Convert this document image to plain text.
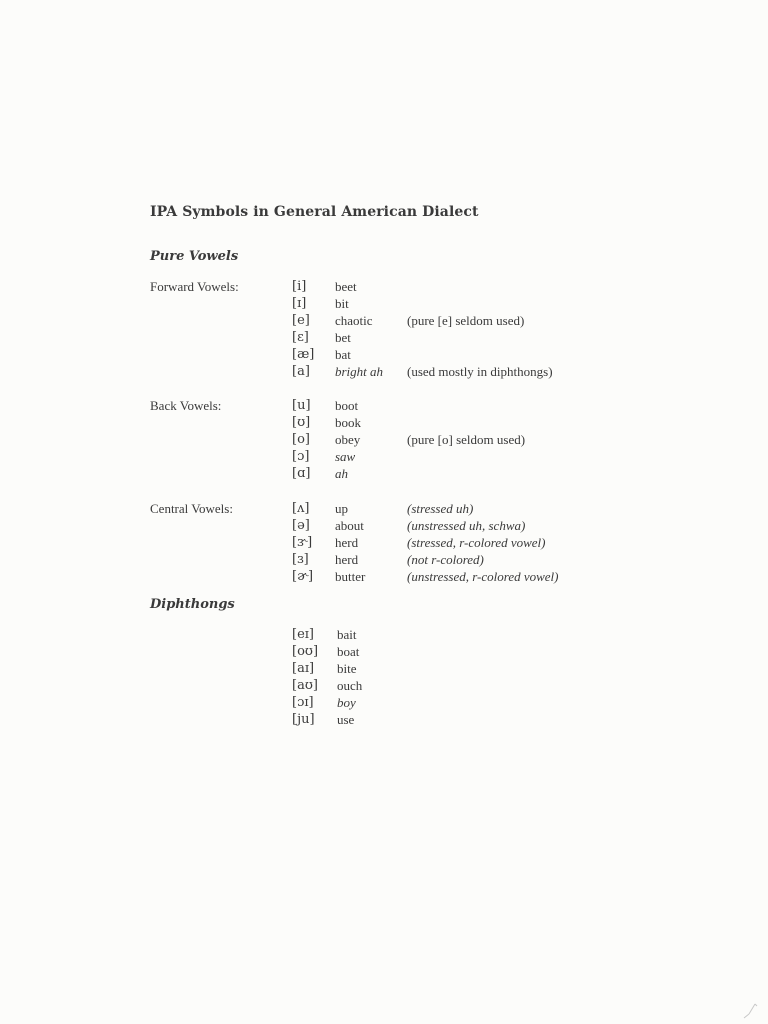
IPA Symbols in General American Dialect
Pure Vowels
Forward Vowels:	[i] beet
[ɪ] bit
[e] chaotic	(pure [e] seldom used)
[ɛ] bet
[æ] bat
[a] bright ah (used mostly in diphthongs)
Back Vowels:	[u] boot
[ʊ] book
[o] obey	(pure [o] seldom used)
[ɔ] saw
[ɑ] ah
Central Vowels:	[ʌ] up	(stressed uh)
[ə] about	(unstressed uh, schwa)
[ɝ] herd	(stressed, r-colored vowel)
[ɜ] herd	(not r-colored)
[ɚ] butter	(unstressed, r-colored vowel)
Diphthongs
[eɪ] bait
[oʊ] boat
[aɪ] bite
[aʊ] ouch
[ɔɪ] boy
[ju] use
